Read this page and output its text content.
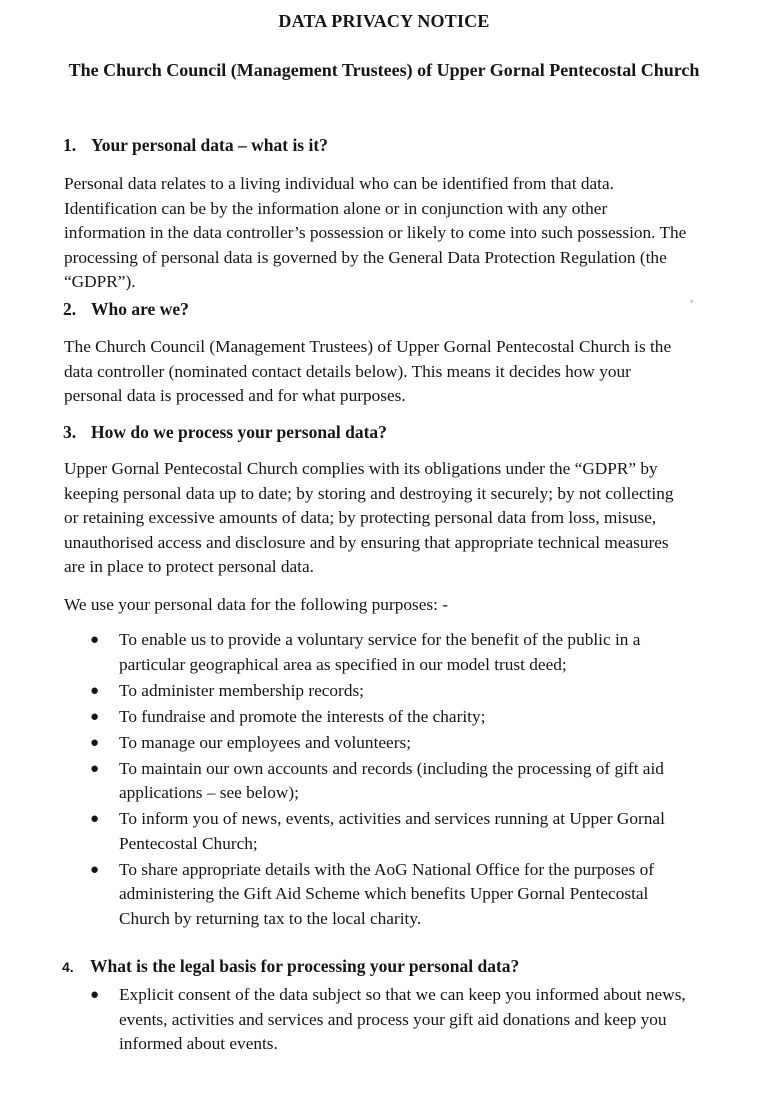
DATA PRIVACY NOTICE
The Church Council (Management Trustees) of Upper Gornal Pentecostal Church
1. Your personal data – what is it?
Personal data relates to a living individual who can be identified from that data.
Identification can be by the information alone or in conjunction with any other
information in the data controller’s possession or likely to come into such possession. The
processing of personal data is governed by the General Data Protection Regulation (the
“GDPR”).
2. Who are we?
The Church Council (Management Trustees) of Upper Gornal Pentecostal Church is the
data controller (nominated contact details below). This means it decides how your
personal data is processed and for what purposes.
3. How do we process your personal data?
Upper Gornal Pentecostal Church complies with its obligations under the “GDPR” by
keeping personal data up to date; by storing and destroying it securely; by not collecting
or retaining excessive amounts of data; by protecting personal data from loss, misuse,
unauthorised access and disclosure and by ensuring that appropriate technical measures
are in place to protect personal data.
We use your personal data for the following purposes: -
● To enable us to provide a voluntary service for the benefit of the public in a
particular geographical area as specified in our model trust deed;
● To administer membership records;
● To fundraise and promote the interests of the charity;
● To manage our employees and volunteers;
● To maintain our own accounts and records (including the processing of gift aid
applications – see below);
● To inform you of news, events, activities and services running at Upper Gornal
Pentecostal Church;
● To share appropriate details with the AoG National Office for the purposes of
administering the Gift Aid Scheme which benefits Upper Gornal Pentecostal
Church by returning tax to the local charity.
4. What is the legal basis for processing your personal data?
● Explicit consent of the data subject so that we can keep you informed about news,
events, activities and services and process your gift aid donations and keep you
informed about events.
◦
